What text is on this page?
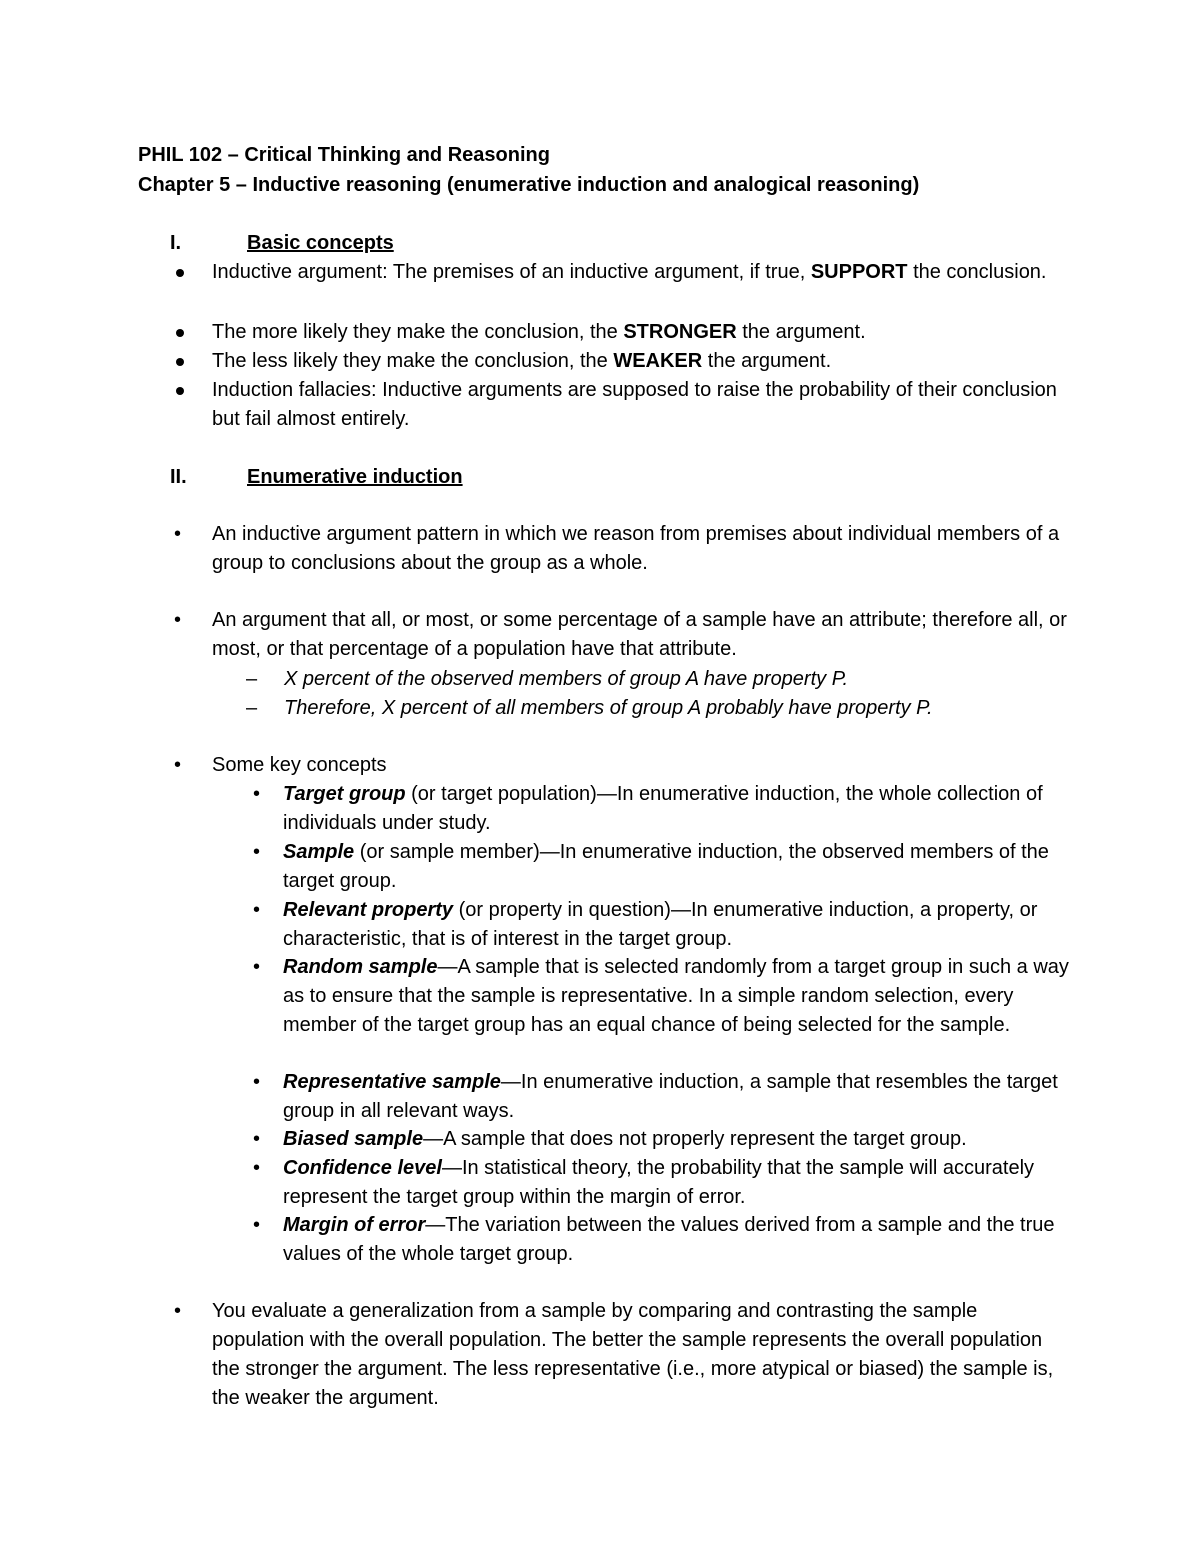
PHIL 102 – Critical Thinking and Reasoning
Chapter 5 – Inductive reasoning (enumerative induction and analogical reasoning)
I.	Basic concepts
Inductive argument: The premises of an inductive argument, if true, SUPPORT the conclusion.
The more likely they make the conclusion, the STRONGER the argument.
The less likely they make the conclusion, the WEAKER the argument.
Induction fallacies: Inductive arguments are supposed to raise the probability of their conclusion but fail almost entirely.
II.	Enumerative induction
• An inductive argument pattern in which we reason from premises about individual members of a group to conclusions about the group as a whole.
• An argument that all, or most, or some percentage of a sample have an attribute; therefore all, or most, or that percentage of a population have that attribute.
– X percent of the observed members of group A have property P.
– Therefore, X percent of all members of group A probably have property P.
• Some key concepts
• Target group (or target population)—In enumerative induction, the whole collection of individuals under study.
• Sample (or sample member)—In enumerative induction, the observed members of the target group.
• Relevant property (or property in question)—In enumerative induction, a property, or characteristic, that is of interest in the target group.
• Random sample—A sample that is selected randomly from a target group in such a way as to ensure that the sample is representative. In a simple random selection, every member of the target group has an equal chance of being selected for the sample.
• Representative sample—In enumerative induction, a sample that resembles the target group in all relevant ways.
• Biased sample—A sample that does not properly represent the target group.
• Confidence level—In statistical theory, the probability that the sample will accurately represent the target group within the margin of error.
• Margin of error—The variation between the values derived from a sample and the true values of the whole target group.
• You evaluate a generalization from a sample by comparing and contrasting the sample population with the overall population. The better the sample represents the overall population the stronger the argument. The less representative (i.e., more atypical or biased) the sample is, the weaker the argument.
